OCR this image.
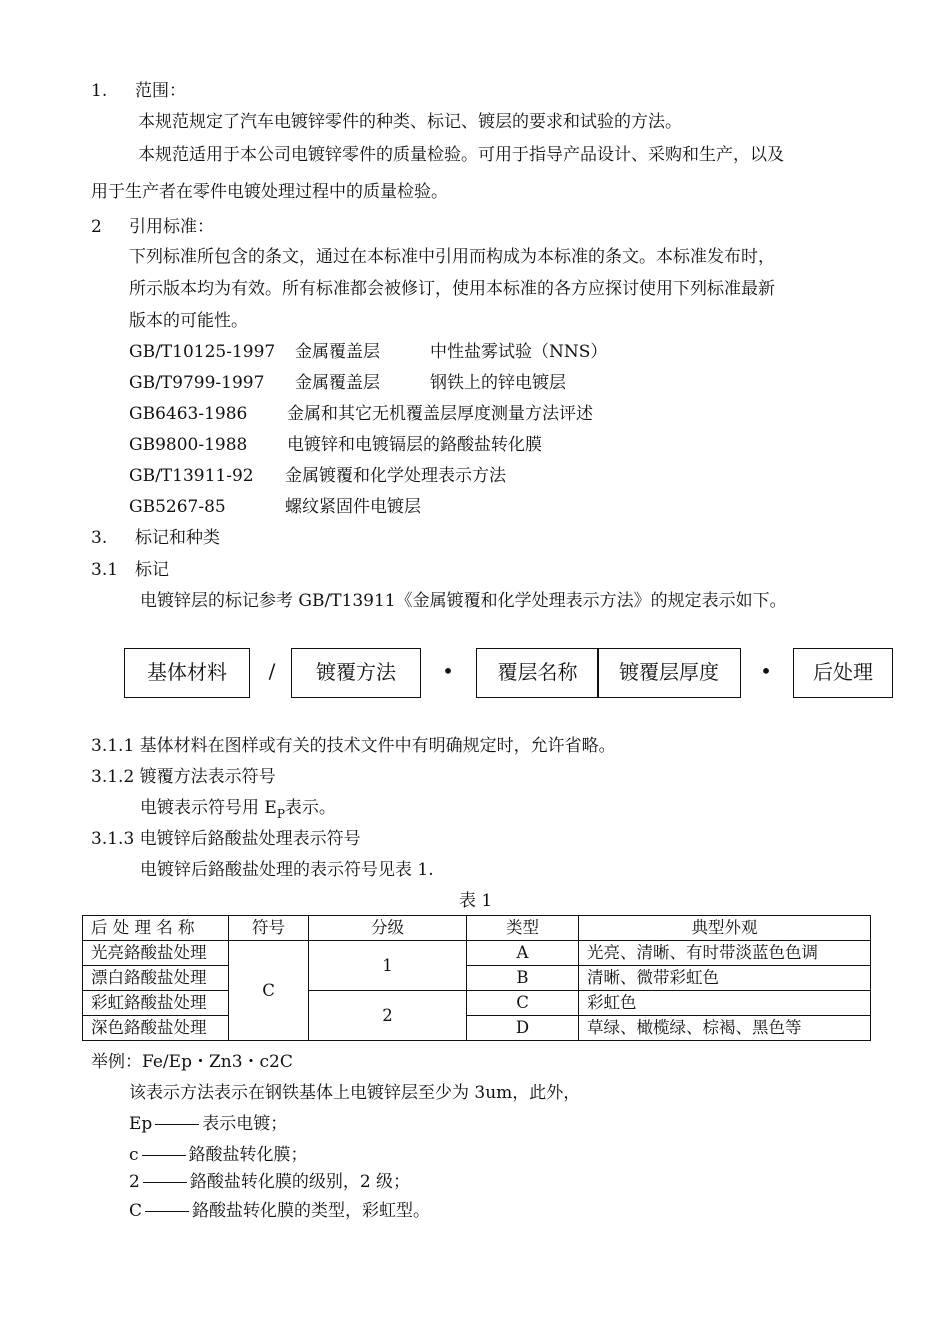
1. 范围：
本规范规定了汽车电镀锌零件的种类、标记、镀层的要求和试验的方法。
本规范适用于本公司电镀锌零件的质量检验。可用于指导产品设计、采购和生产，以及
用于生产者在零件电镀处理过程中的质量检验。
2 引用标准：
下列标准所包含的条文，通过在本标准中引用而构成为本标准的条文。本标准发布时，
所示版本均为有效。所有标准都会被修订，使用本标准的各方应探讨使用下列标准最新
版本的可能性。
GB/T10125-1997 金属覆盖层	中性盐雾试验（NNS）
GB/T9799-1997 金属覆盖层	钢铁上的锌电镀层
GB6463-1986 金属和其它无机覆盖层厚度测量方法评述
GB9800-1988 电镀锌和电镀镉层的鉻酸盐转化膜
GB/T13911-92 金属镀覆和化学处理表示方法
GB5267-85	螺纹紧固件电镀层
3. 标记和种类
3.1 标记
电镀锌层的标记参考 GB/T13911《金属镀覆和化学处理表示方法》的规定表示如下。
基体材料	/	镀覆方法	•	覆层名称	镀覆层厚度	•	后处理
3.1.1 基体材料在图样或有关的技术文件中有明确规定时，允许省略。
3.1.2 镀覆方法表示符号
电镀表示符号用 $E_P$表示。
3.1.3 电镀锌后鉻酸盐处理表示符号
电镀锌后鉻酸盐处理的表示符号见表 1.
表 1
后 处 理 名 称	符号	分级	类型	典型外观
光亮鉻酸盐处理	C	1	A	光亮、清晰、有时带淡蓝色色调
漂白鉻酸盐处理			B	清晰、微带彩虹色
彩虹鉻酸盐处理		2	C	彩虹色
深色鉻酸盐处理			D	草绿、橄榄绿、棕褐、黑色等
举例：Fe/Ep・Zn3・c2C
该表示方法表示在钢铁基体上电镀锌层至少为 3um，此外，
Ep	表示电镀；
c	鉻酸盐转化膜；
2	鉻酸盐转化膜的级别，2 级；
C	鉻酸盐转化膜的类型，彩虹型。
